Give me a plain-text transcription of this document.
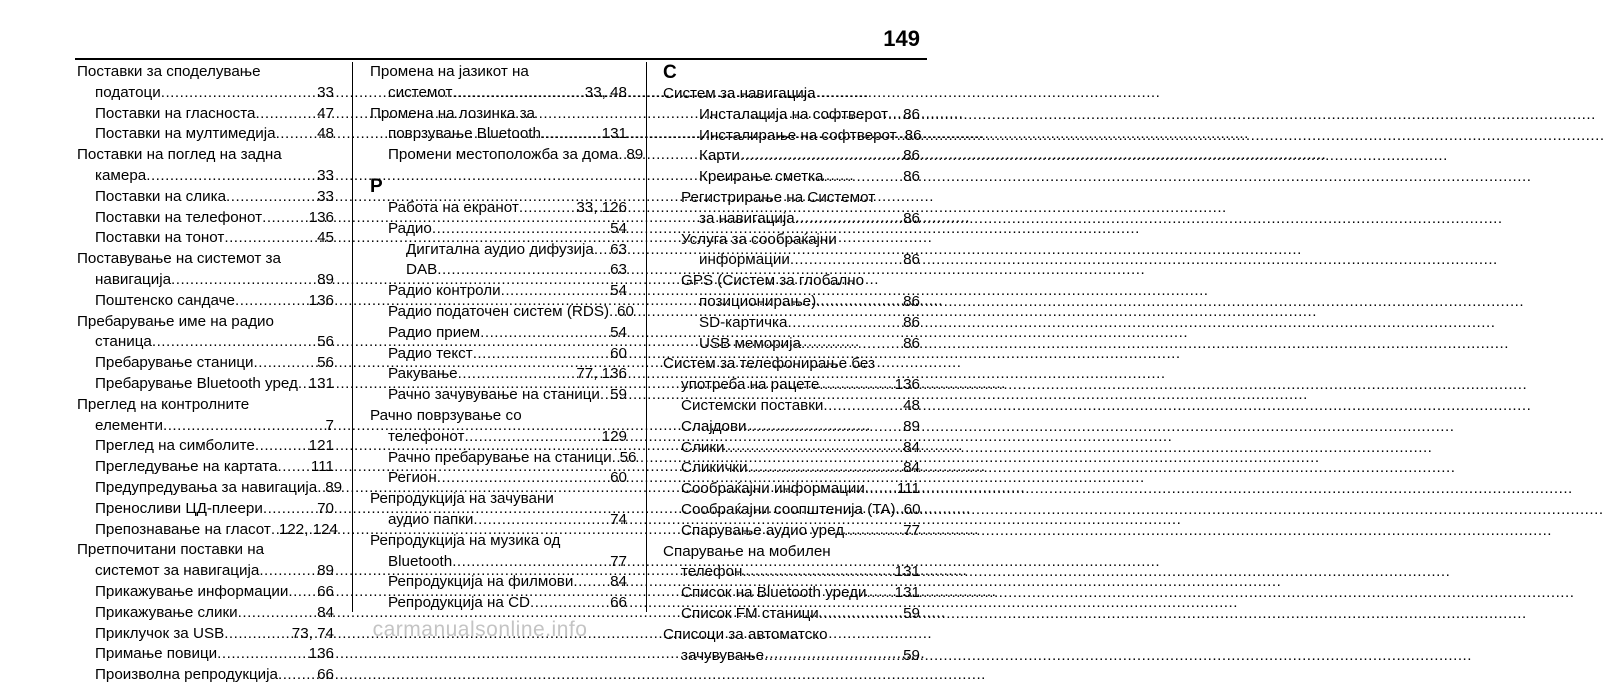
149
Поставки за споделување
податоци .....	33
Поставки на гласноста .....	47
Поставки на мултимедија .....	48
Поставки на поглед на задна
камера .....	33
Поставки на слика .....	33
Поставки на телефонот .....	136
Поставки на тонот .....	45
Поставување на системот за
навигација .....	89
Поштенско сандаче .....	136
Пребарување име на радио
станица .....	56
Пребарување станици .....	56
Пребарување Bluetooth уред ..... 131
Преглед на контролните
елементи .....	7
Преглед на симболите .....	121
Прегледување на картата ..... 111
Предупредувања за навигација ..... 89
Преносливи ЦД-плеери .....	70
Препознавање на гласот ..... 122, 124
Претпочитани поставки на
системот за навигација .....	89
Прикажување информации ..... 66
Прикажување слики .....	84
Приклучок за USB .....	73, 74
Примање повици .....	136
Произволна репродукција .....	66
Промена на јазикот на
системот .....	33, 48
Промена на лозинка за
поврзување Bluetooth .....	131
Промени местоположба за дома ..... 89
Р
Работа на екранот .....	33, 126
Радио .....	54
Дигитална аудио дифузија ..... 63
DAB .....	63
Радио контроли .....	54
Радио податочен систем (RDS) ..... 60
Радио прием .....	54
Радио текст .....	60
Ракување .....	77, 136
Рачно зачувување на станици ..... 59
Рачно поврзување со
телефонот .....	129
Рачно пребарување на станици ..... 56
Регион .....	60
Репродукција на зачувани
аудио папки .....	74
Репродукција на музика од
Bluetooth .....	77
Репродукција на филмови ..... 84
Репродукција на CD .....	66
С
Систем за навигација
Инсталација на софтверот ..... 86
Инсталирање на софтверот ..... 86
Карти .....	86
Креирање сметка .....	86
Регистрирање на Системот
за навигација .....	86
Услуга за сообраќајни
информации .....	86
GPS (Систем за глобално
позиционирање) .....	86
SD-картичка .....	86
USB меморија .....	86
Систем за телефонирање без
употреба на рацете .....	136
Системски поставки .....	48
Слајдови .....	89
Слики .....	84
Сликички .....	84
Сообраќајни информации ..... 111
Сообраќајни соопштенија (TA) ..... 60
Спарување аудио уред .....	77
Спарување на мобилен
телефон .....	131
Список на Bluetooth уреди ..... 131
Список FM станици .....	59
Списоци за автоматско
зачувување .....	59
carmanualsonline.info
